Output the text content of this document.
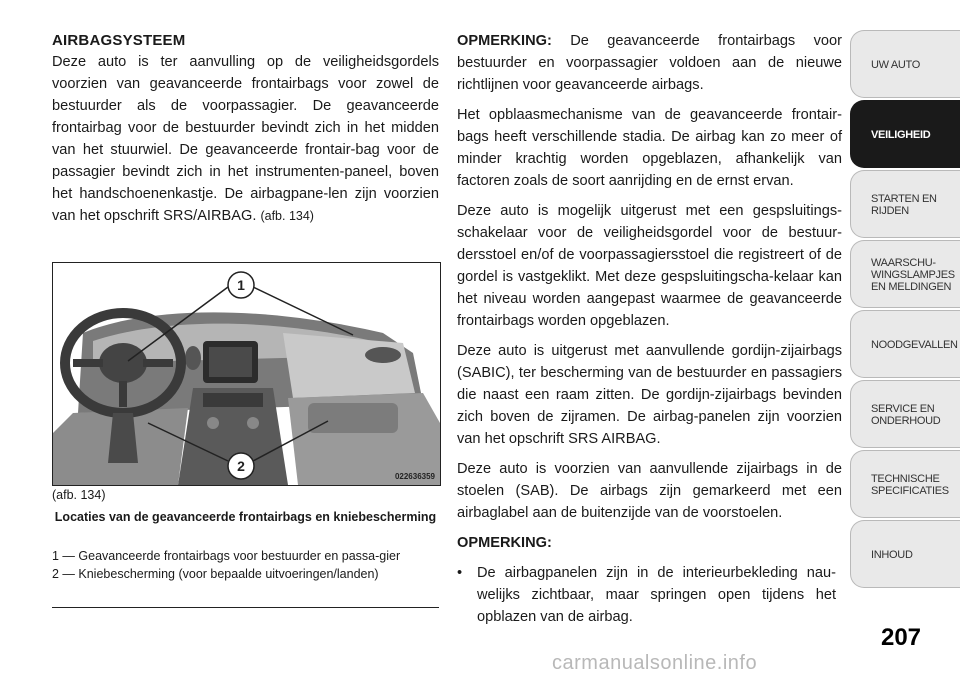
AIRBAGSYSTEEM

Deze auto is ter aanvulling op de veiligheidsgordels voorzien van geavanceerde frontairbags voor zowel de bestuurder als de voorpassagier. De geavanceerde frontairbag voor de bestuurder bevindt zich in het midden van het stuurwiel. De geavanceerde frontair-bag voor de passagier bevindt zich in het instrumenten-paneel, boven het handschoenenkastje. De airbagpane-len zijn voorzien van het opschrift SRS/AIRBAG. (afb. 134)

1
2
022636359
(afb. 134)
Locaties van de geavanceerde frontairbags en kniebescherming
1 — Geavanceerde frontairbags voor bestuurder en passa-gier
2 — Kniebescherming (voor bepaalde uitvoeringen/landen)

OPMERKING: De geavanceerde frontairbags voor bestuurder en voorpassagier voldoen aan de nieuwe richtlijnen voor geavanceerde airbags.

Het opblaasmechanisme van de geavanceerde frontair-bags heeft verschillende stadia. De airbag kan zo meer of minder krachtig worden opgeblazen, afhankelijk van factoren zoals de soort aanrijding en de ernst ervan.

Deze auto is mogelijk uitgerust met een gespsluitings-schakelaar voor de veiligheidsgordel voor de bestuur-dersstoel en/of de voorpassagiersstoel die registreert of de gordel is vastgeklikt. Met deze gespsluitingscha-kelaar kan het niveau worden aangepast waarmee de geavanceerde frontairbags worden opgeblazen.

Deze auto is uitgerust met aanvullende gordijn-zijairbags (SABIC), ter bescherming van de bestuurder en passagiers die naast een raam zitten. De gordijn-zijairbags bevinden zich boven de zijramen. De airbag-panelen zijn voorzien van het opschrift SRS AIRBAG.

Deze auto is voorzien van aanvullende zijairbags in de stoelen (SAB). De airbags zijn gemarkeerd met een airbaglabel aan de buitenzijde van de voorstoelen.

OPMERKING:

•	De airbagpanelen zijn in de interieurbekleding nau-welijks zichtbaar, maar springen open tijdens het opblazen van de airbag.
UW AUTO
VEILIGHEID
STARTEN EN RIJDEN
WAARSCHU-WINGSLAMPJES EN MELDINGEN
NOODGEVALLEN
SERVICE EN ONDERHOUD
TECHNISCHE SPECIFICATIES
INHOUD
207
carmanualsonline.info
